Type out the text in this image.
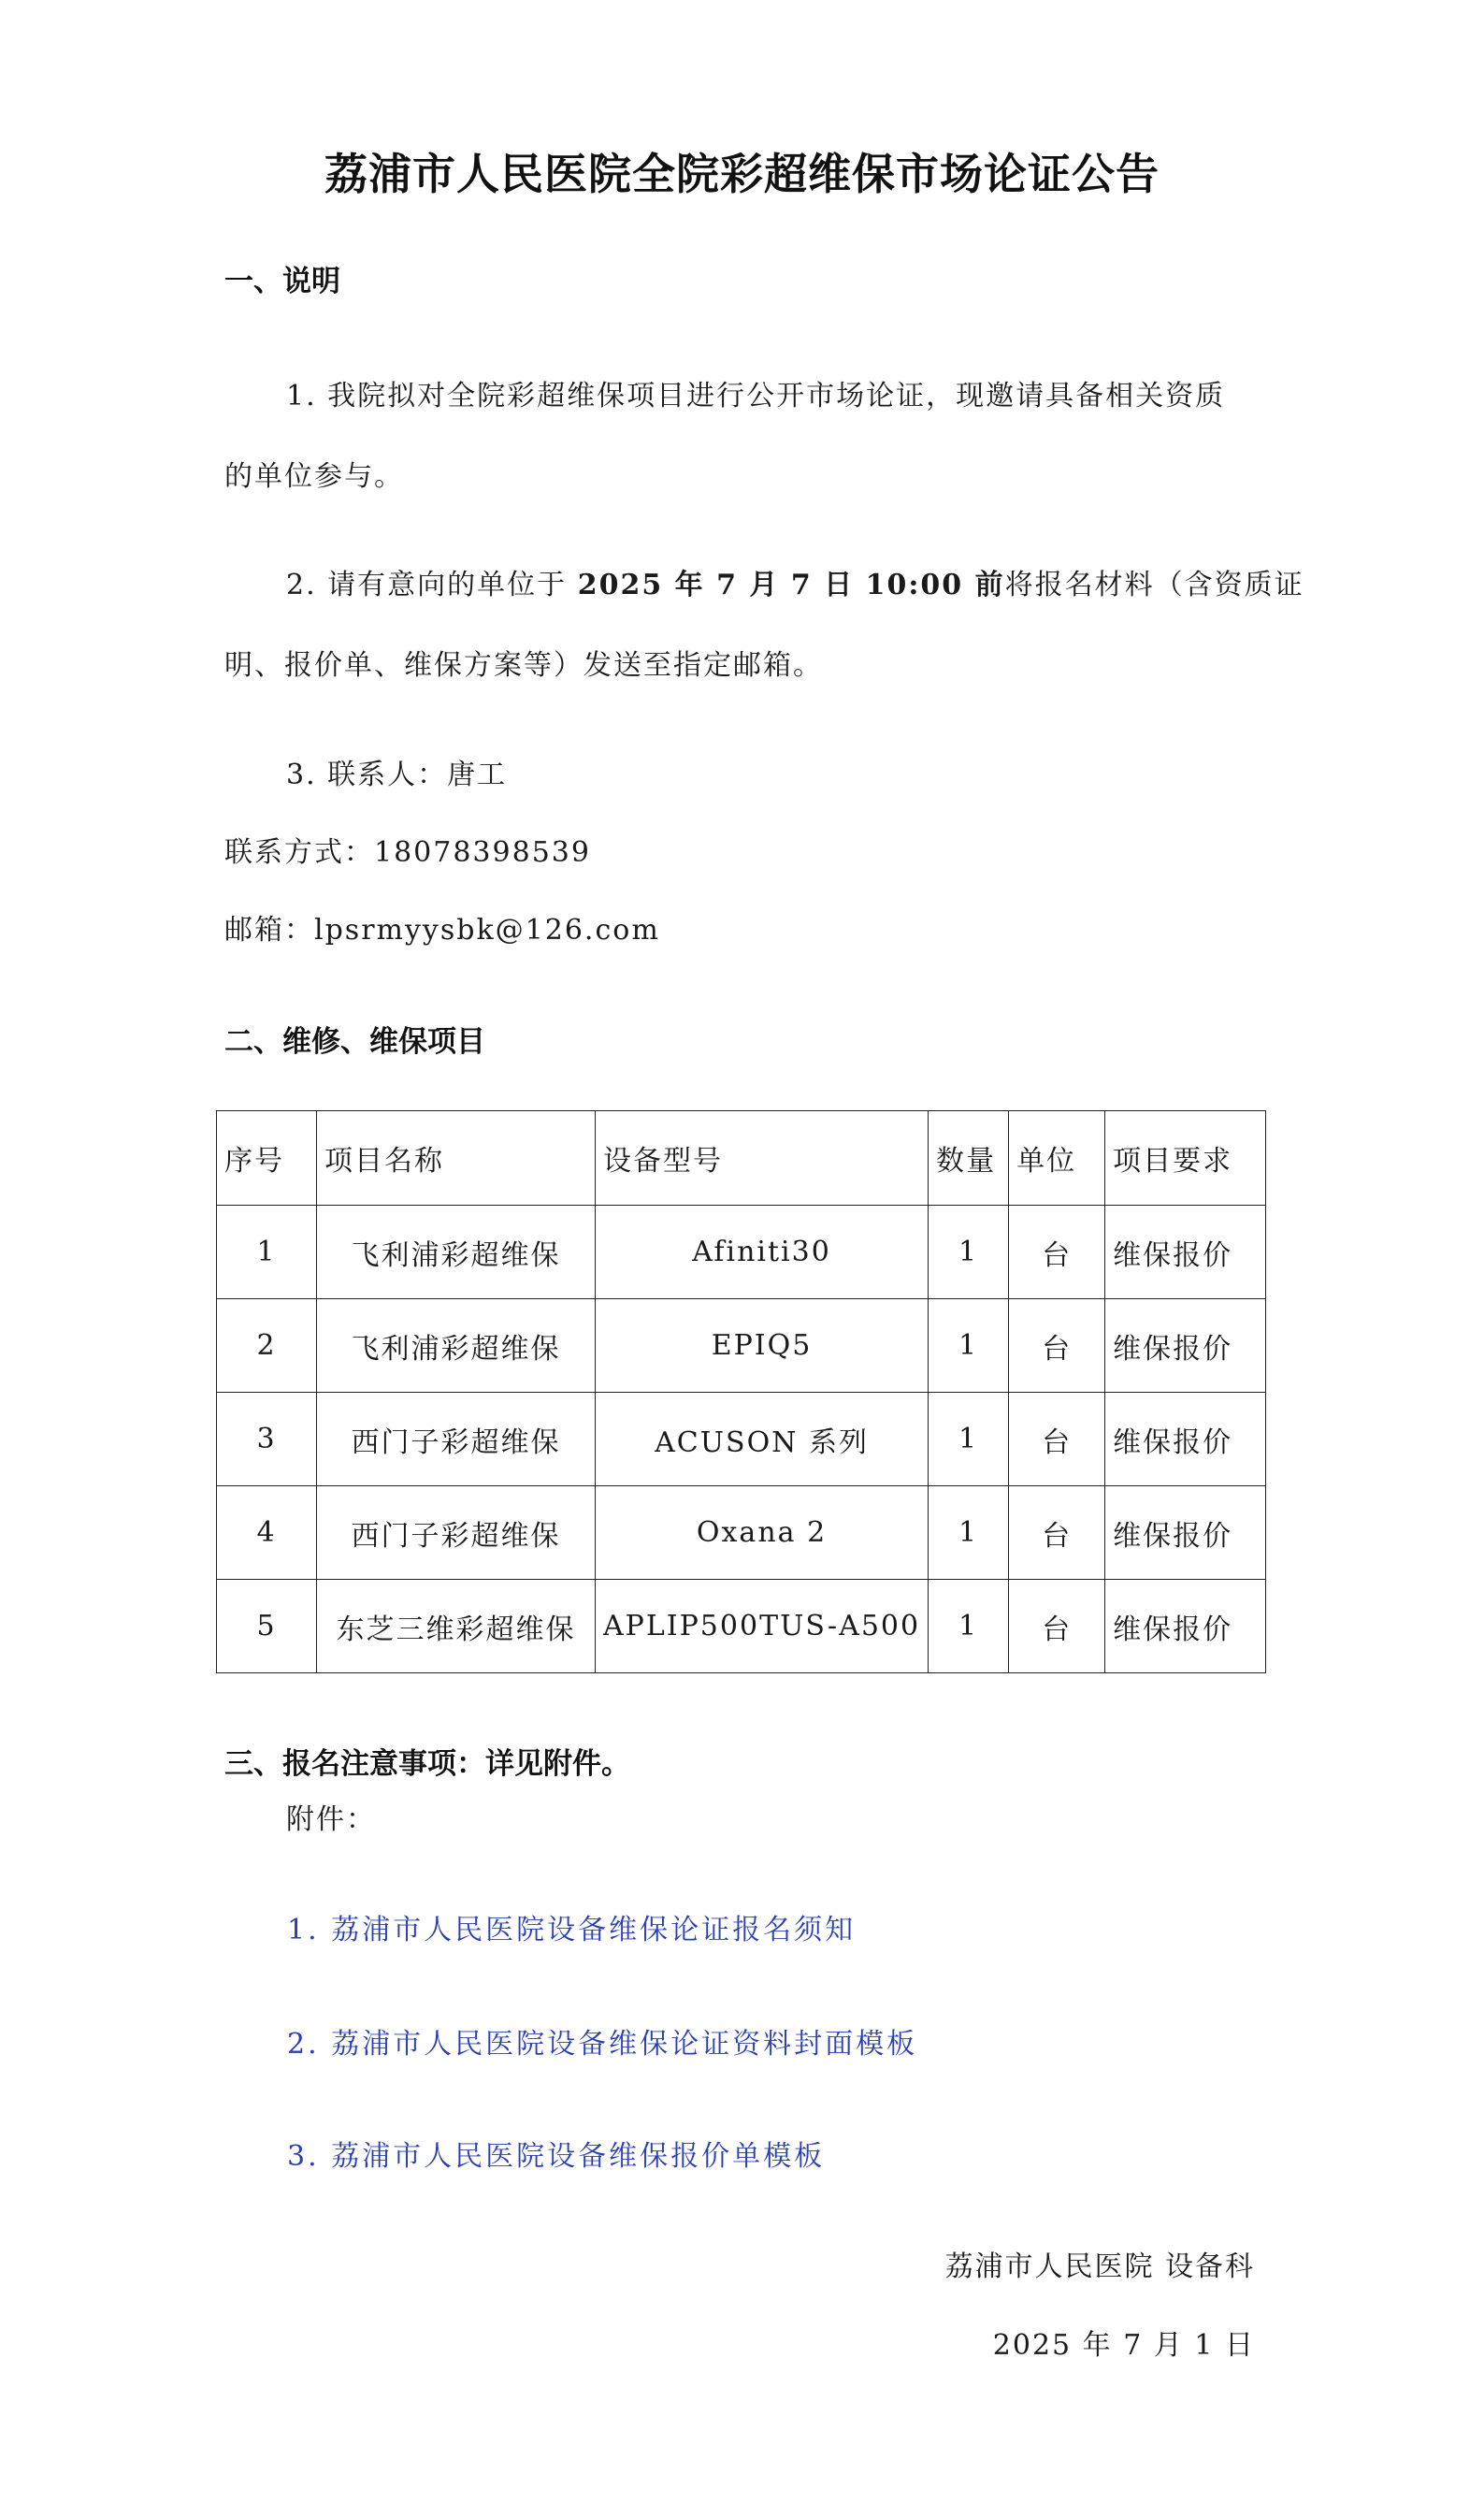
荔浦市人民医院全院彩超维保市场论证公告
一、说明
1. 我院拟对全院彩超维保项目进行公开市场论证，现邀请具备相关资质
的单位参与。
2. 请有意向的单位于 2025 年 7 月 7 日 10:00 前将报名材料（含资质证
明、报价单、维保方案等）发送至指定邮箱。
3. 联系人：唐工
联系方式：18078398539
邮箱：lpsrmyysbk@126.com
二、维修、维保项目
序号	项目名称	设备型号	数量	单位	项目要求
1	飞利浦彩超维保	Afiniti30	1	台	维保报价
2	飞利浦彩超维保	EPIQ5	1	台	维保报价
3	西门子彩超维保	ACUSON 系列	1	台	维保报价
4	西门子彩超维保	Oxana 2	1	台	维保报价
5	东芝三维彩超维保	APLIP500TUS-A500	1	台	维保报价
三、报名注意事项：详见附件。
附件：
1. 荔浦市人民医院设备维保论证报名须知
2. 荔浦市人民医院设备维保论证资料封面模板
3. 荔浦市人民医院设备维保报价单模板
荔浦市人民医院 设备科
2025 年 7 月 1 日
